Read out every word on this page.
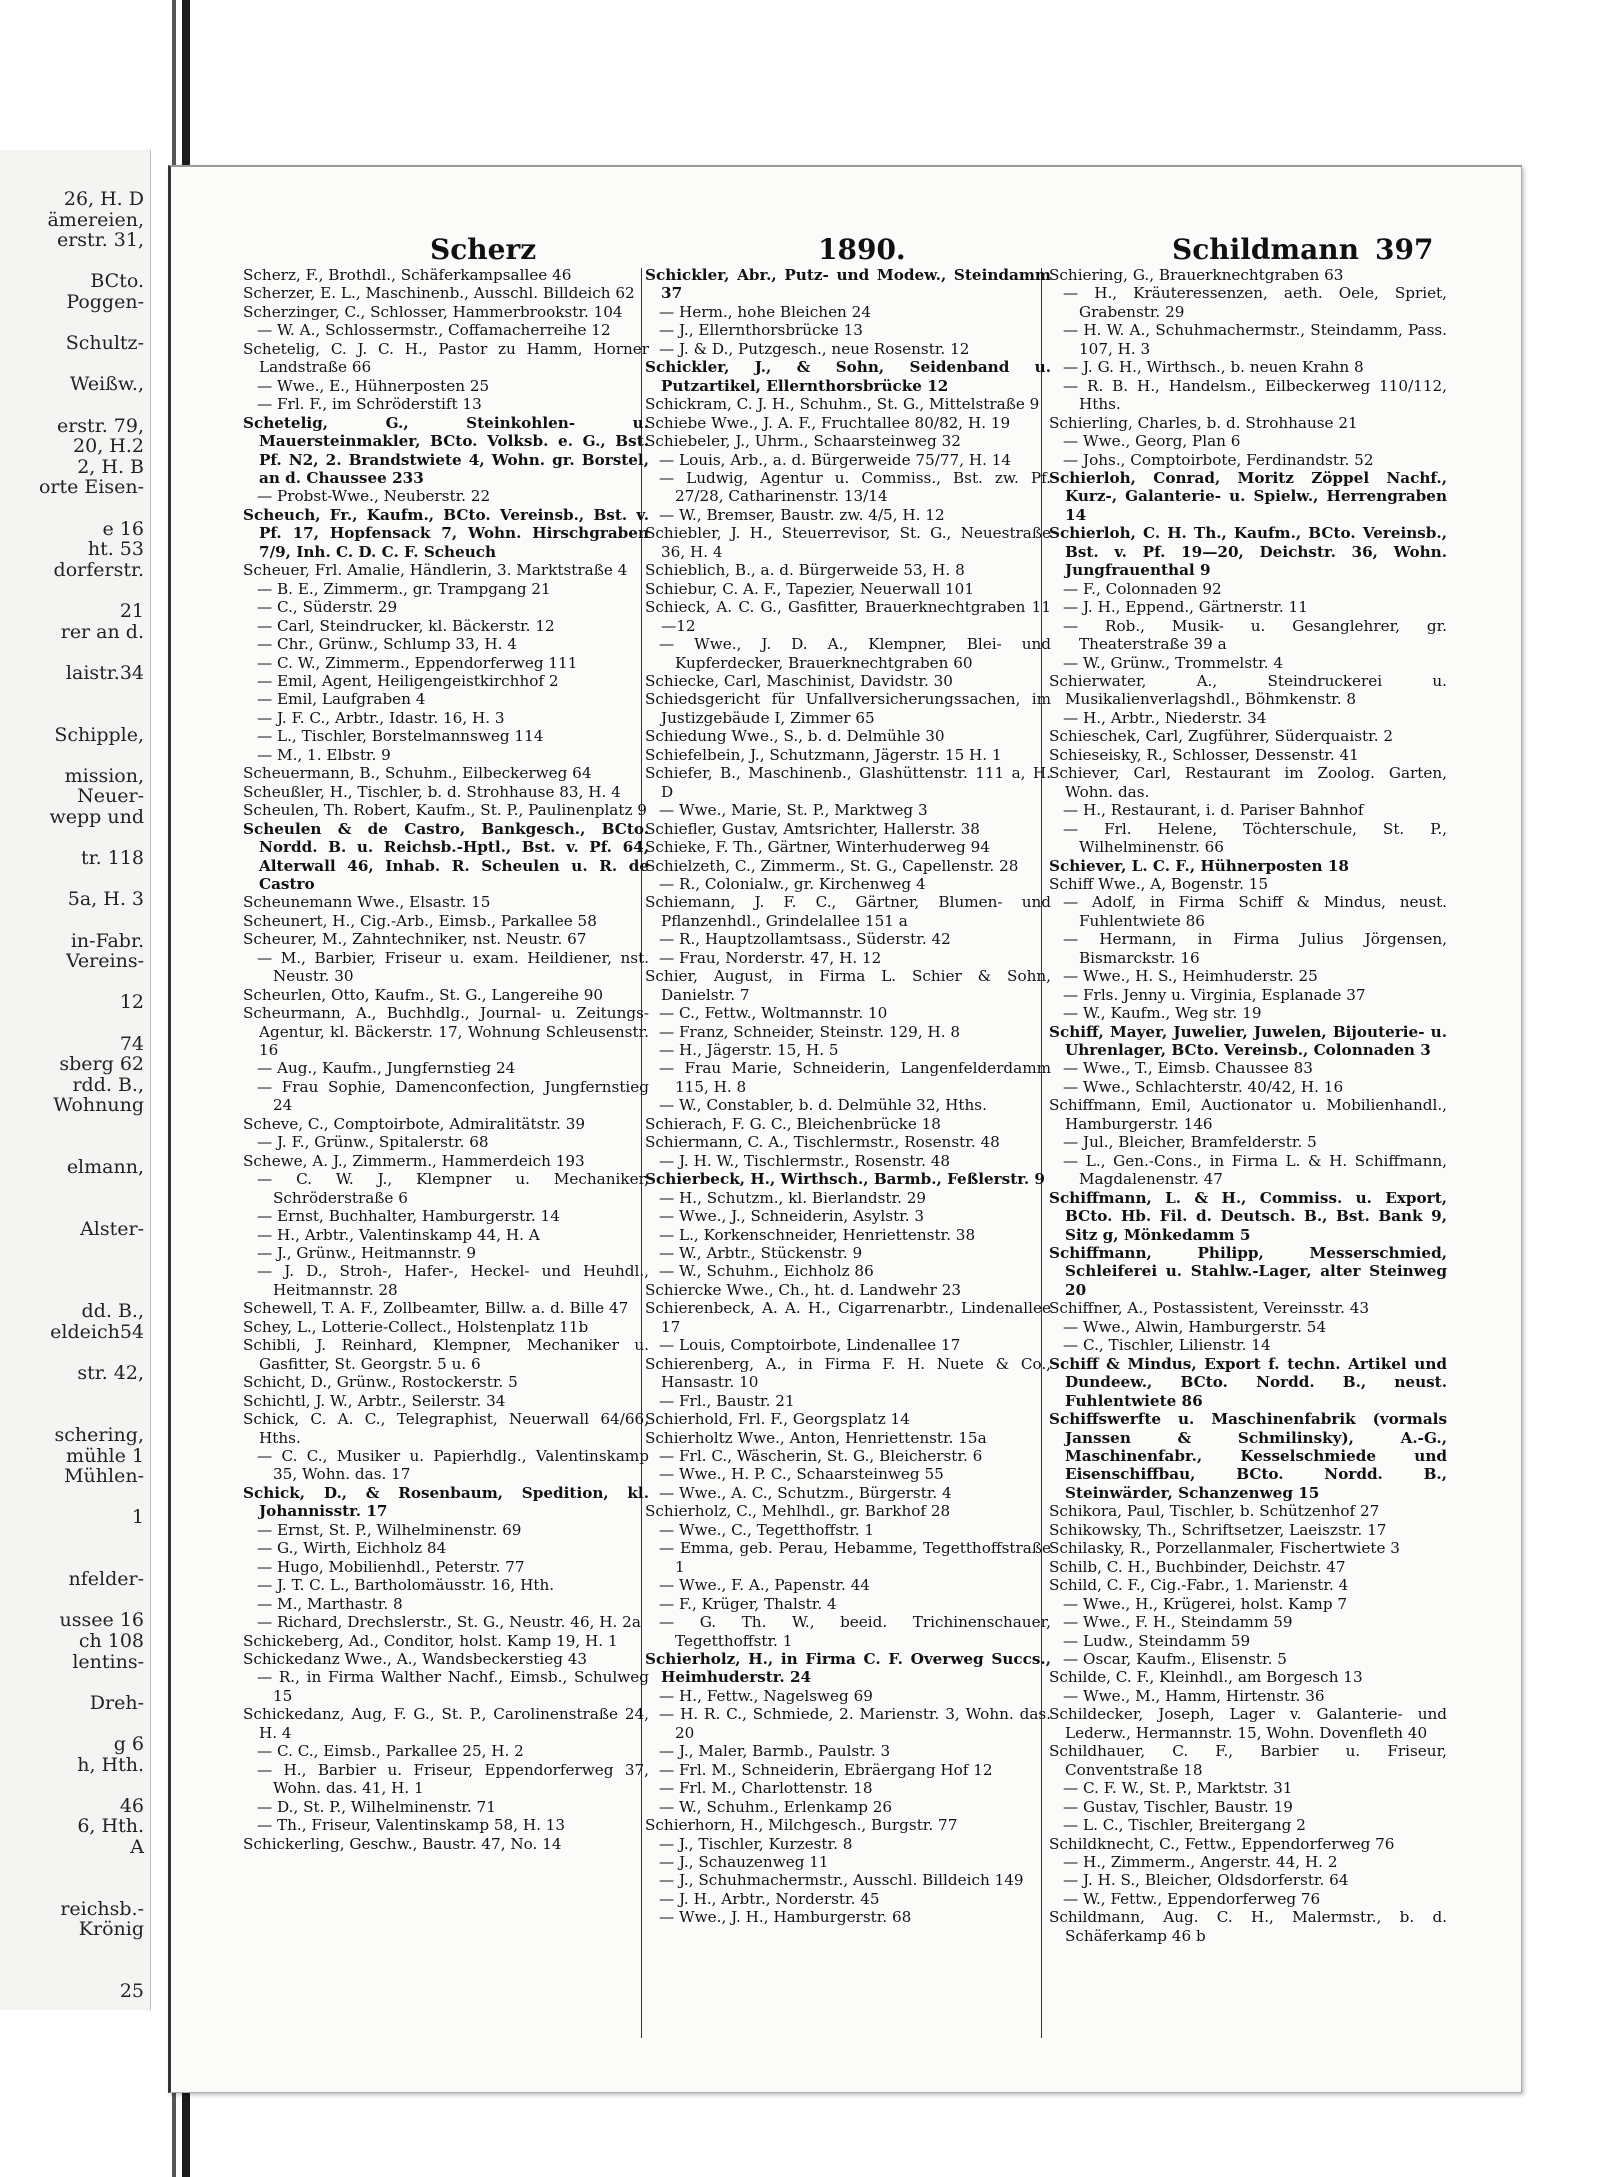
26, H. D
ämereien,
erstr. 31,
BCto.
Poggen-
Schultz-
Weißw.,
erstr. 79,
20, H.2
2, H. B
orte Eisen-
e 16
ht. 53
dorferstr.
21
rer an d.
laistr.34
Schipple,
mission,
Neuer-
wepp und
tr. 118
5a, H. 3
in-Fabr.
Vereins-
12
74
sberg 62
rdd. B.,
Wohnung
elmann,
Alster-
dd. B.,
eldeich54
str. 42,
schering,
mühle 1
Mühlen-
1
nfelder-
ussee 16
ch 108
lentins-
Dreh-
g 6
h, Hth.
46
6, Hth.
A
reichsb.-
Krönig
25
Scherz	1890.	Schildmann 397

Scherz, F., Brothdl., Schäferkampsallee 46

Scherzer, E. L., Maschinenb., Ausschl. Billdeich 62

Scherzinger, C., Schlosser, Hammerbrookstr. 104

— W. A., Schlossermstr., Coffamacherreihe 12

Schetelig, C. J. C. H., Pastor zu Hamm, Horner Landstraße 66

— Wwe., E., Hühnerposten 25

— Frl. F., im Schröderstift 13

Schetelig, G., Steinkohlen- u. Mauersteinmakler, BCto. Volksb. e. G., Bst. Pf. N2, 2. Brandstwiete 4, Wohn. gr. Borstel, an d. Chaussee 233

— Probst-Wwe., Neuberstr. 22

Scheuch, Fr., Kaufm., BCto. Vereinsb., Bst. v. Pf. 17, Hopfensack 7, Wohn. Hirschgraben 7/9, Inh. C. D. C. F. Scheuch

Scheuer, Frl. Amalie, Händlerin, 3. Marktstraße 4

— B. E., Zimmerm., gr. Trampgang 21

— C., Süderstr. 29

— Carl, Steindrucker, kl. Bäckerstr. 12

— Chr., Grünw., Schlump 33, H. 4

— C. W., Zimmerm., Eppendorferweg 111

— Emil, Agent, Heiligengeistkirchhof 2

— Emil, Laufgraben 4

— J. F. C., Arbtr., Idastr. 16, H. 3

— L., Tischler, Borstelmannsweg 114

— M., 1. Elbstr. 9

Scheuermann, B., Schuhm., Eilbeckerweg 64

Scheußler, H., Tischler, b. d. Strohhause 83, H. 4

Scheulen, Th. Robert, Kaufm., St. P., Paulinenplatz 9

Scheulen & de Castro, Bankgesch., BCto. Nordd. B. u. Reichsb.-Hptl., Bst. v. Pf. 64, Alterwall 46, Inhab. R. Scheulen u. R. de Castro

Scheunemann Wwe., Elsastr. 15

Scheunert, H., Cig.-Arb., Eimsb., Parkallee 58

Scheurer, M., Zahntechniker, nst. Neustr. 67

— M., Barbier, Friseur u. exam. Heildiener, nst. Neustr. 30

Scheurlen, Otto, Kaufm., St. G., Langereihe 90

Scheurmann, A., Buchhdlg., Journal- u. Zeitungs-Agentur, kl. Bäckerstr. 17, Wohnung Schleusenstr. 16

— Aug., Kaufm., Jungfernstieg 24

— Frau Sophie, Damenconfection, Jungfernstieg 24

Scheve, C., Comptoirbote, Admiralitätstr. 39

— J. F., Grünw., Spitalerstr. 68

Schewe, A. J., Zimmerm., Hammerdeich 193

— C. W. J., Klempner u. Mechaniker, Schröderstraße 6

— Ernst, Buchhalter, Hamburgerstr. 14

— H., Arbtr., Valentinskamp 44, H. A

— J., Grünw., Heitmannstr. 9

— J. D., Stroh-, Hafer-, Heckel- und Heuhdl., Heitmannstr. 28

Schewell, T. A. F., Zollbeamter, Billw. a. d. Bille 47

Schey, L., Lotterie-Collect., Holstenplatz 11b

Schibli, J. Reinhard, Klempner, Mechaniker u. Gasfitter, St. Georgstr. 5 u. 6

Schicht, D., Grünw., Rostockerstr. 5

Schichtl, J. W., Arbtr., Seilerstr. 34

Schick, C. A. C., Telegraphist, Neuerwall 64/66, Hths.

— C. C., Musiker u. Papierhdlg., Valentinskamp 35, Wohn. das. 17

Schick, D., & Rosenbaum, Spedition, kl. Johannisstr. 17

— Ernst, St. P., Wilhelminenstr. 69

— G., Wirth, Eichholz 84

— Hugo, Mobilienhdl., Peterstr. 77

— J. T. C. L., Bartholomäusstr. 16, Hth.

— M., Marthastr. 8

— Richard, Drechslerstr., St. G., Neustr. 46, H. 2a

Schickeberg, Ad., Conditor, holst. Kamp 19, H. 1

Schickedanz Wwe., A., Wandsbeckerstieg 43

— R., in Firma Walther Nachf., Eimsb., Schulweg 15

Schickedanz, Aug, F. G., St. P., Carolinenstraße 24, H. 4

— C. C., Eimsb., Parkallee 25, H. 2

— H., Barbier u. Friseur, Eppendorferweg 37, Wohn. das. 41, H. 1

— D., St. P., Wilhelminenstr. 71

— Th., Friseur, Valentinskamp 58, H. 13

Schickerling, Geschw., Baustr. 47, No. 14

Schickler, Abr., Putz- und Modew., Steindamm 37

— Herm., hohe Bleichen 24

— J., Ellernthorsbrücke 13

— J. & D., Putzgesch., neue Rosenstr. 12

Schickler, J., & Sohn, Seidenband u. Putzartikel, Ellernthorsbrücke 12

Schickram, C. J. H., Schuhm., St. G., Mittelstraße 9

Schiebe Wwe., J. A. F., Fruchtallee 80/82, H. 19

Schiebeler, J., Uhrm., Schaarsteinweg 32

— Louis, Arb., a. d. Bürgerweide 75/77, H. 14

— Ludwig, Agentur u. Commiss., Bst. zw. Pf. 27/28, Catharinenstr. 13/14

— W., Bremser, Baustr. zw. 4/5, H. 12

Schiebler, J. H., Steuerrevisor, St. G., Neuestraße 36, H. 4

Schieblich, B., a. d. Bürgerweide 53, H. 8

Schiebur, C. A. F., Tapezier, Neuerwall 101

Schieck, A. C. G., Gasfitter, Brauerknechtgraben 11—12

— Wwe., J. D. A., Klempner, Blei- und Kupferdecker, Brauerknechtgraben 60

Schiecke, Carl, Maschinist, Davidstr. 30

Schiedsgericht für Unfallversicherungssachen, im Justizgebäude I, Zimmer 65

Schiedung Wwe., S., b. d. Delmühle 30

Schiefelbein, J., Schutzmann, Jägerstr. 15 H. 1

Schiefer, B., Maschinenb., Glashüttenstr. 111 a, H. D

— Wwe., Marie, St. P., Marktweg 3

Schiefler, Gustav, Amtsrichter, Hallerstr. 38

Schieke, F. Th., Gärtner, Winterhuderweg 94

Schielzeth, C., Zimmerm., St. G., Capellenstr. 28

— R., Colonialw., gr. Kirchenweg 4

Schiemann, J. F. C., Gärtner, Blumen- und Pflanzenhdl., Grindelallee 151 a

— R., Hauptzollamtsass., Süderstr. 42

— Frau, Norderstr. 47, H. 12

Schier, August, in Firma L. Schier & Sohn, Danielstr. 7

— C., Fettw., Woltmannstr. 10

— Franz, Schneider, Steinstr. 129, H. 8

— H., Jägerstr. 15, H. 5

— Frau Marie, Schneiderin, Langenfelderdamm 115, H. 8

— W., Constabler, b. d. Delmühle 32, Hths.

Schierach, F. G. C., Bleichenbrücke 18

Schiermann, C. A., Tischlermstr., Rosenstr. 48

— J. H. W., Tischlermstr., Rosenstr. 48

Schierbeck, H., Wirthsch., Barmb., Feßlerstr. 9

— H., Schutzm., kl. Bierlandstr. 29

— Wwe., J., Schneiderin, Asylstr. 3

— L., Korkenschneider, Henriettenstr. 38

— W., Arbtr., Stückenstr. 9

— W., Schuhm., Eichholz 86

Schiercke Wwe., Ch., ht. d. Landwehr 23

Schierenbeck, A. A. H., Cigarrenarbtr., Lindenallee 17

— Louis, Comptoirbote, Lindenallee 17

Schierenberg, A., in Firma F. H. Nuete & Co., Hansastr. 10

— Frl., Baustr. 21

Schierhold, Frl. F., Georgsplatz 14

Schierholtz Wwe., Anton, Henriettenstr. 15a

— Frl. C., Wäscherin, St. G., Bleicherstr. 6

— Wwe., H. P. C., Schaarsteinweg 55

— Wwe., A. C., Schutzm., Bürgerstr. 4

Schierholz, C., Mehlhdl., gr. Barkhof 28

— Wwe., C., Tegetthoffstr. 1

— Emma, geb. Perau, Hebamme, Tegetthoffstraße 1

— Wwe., F. A., Papenstr. 44

— F., Krüger, Thalstr. 4

— G. Th. W., beeid. Trichinenschauer, Tegetthoffstr. 1

Schierholz, H., in Firma C. F. Overweg Succs., Heimhuderstr. 24

— H., Fettw., Nagelsweg 69

— H. R. C., Schmiede, 2. Marienstr. 3, Wohn. das. 20

— J., Maler, Barmb., Paulstr. 3

— Frl. M., Schneiderin, Ebräergang Hof 12

— Frl. M., Charlottenstr. 18

— W., Schuhm., Erlenkamp 26

Schierhorn, H., Milchgesch., Burgstr. 77

— J., Tischler, Kurzestr. 8

— J., Schauzenweg 11

— J., Schuhmachermstr., Ausschl. Billdeich 149

— J. H., Arbtr., Norderstr. 45

— Wwe., J. H., Hamburgerstr. 68

Schiering, G., Brauerknechtgraben 63

— H., Kräuteressenzen, aeth. Oele, Spriet, Grabenstr. 29

— H. W. A., Schuhmachermstr., Steindamm, Pass. 107, H. 3

— J. G. H., Wirthsch., b. neuen Krahn 8

— R. B. H., Handelsm., Eilbeckerweg 110/112, Hths.

Schierling, Charles, b. d. Strohhause 21

— Wwe., Georg, Plan 6

— Johs., Comptoirbote, Ferdinandstr. 52

Schierloh, Conrad, Moritz Zöppel Nachf., Kurz-, Galanterie- u. Spielw., Herrengraben 14

Schierloh, C. H. Th., Kaufm., BCto. Vereinsb., Bst. v. Pf. 19—20, Deichstr. 36, Wohn. Jungfrauenthal 9

— F., Colonnaden 92

— J. H., Eppend., Gärtnerstr. 11

— Rob., Musik- u. Gesanglehrer, gr. Theaterstraße 39 a

— W., Grünw., Trommelstr. 4

Schierwater, A., Steindruckerei u. Musikalienverlagshdl., Böhmkenstr. 8

— H., Arbtr., Niederstr. 34

Schieschek, Carl, Zugführer, Süderquaistr. 2

Schieseisky, R., Schlosser, Dessenstr. 41

Schiever, Carl, Restaurant im Zoolog. Garten, Wohn. das.

— H., Restaurant, i. d. Pariser Bahnhof

— Frl. Helene, Töchterschule, St. P., Wilhelminenstr. 66

Schiever, L. C. F., Hühnerposten 18

Schiff Wwe., A, Bogenstr. 15

— Adolf, in Firma Schiff & Mindus, neust. Fuhlentwiete 86

— Hermann, in Firma Julius Jörgensen, Bismarckstr. 16

— Wwe., H. S., Heimhuderstr. 25

— Frls. Jenny u. Virginia, Esplanade 37

— W., Kaufm., Weg str. 19

Schiff, Mayer, Juwelier, Juwelen, Bijouterie- u. Uhrenlager, BCto. Vereinsb., Colonnaden 3

— Wwe., T., Eimsb. Chaussee 83

— Wwe., Schlachterstr. 40/42, H. 16

Schiffmann, Emil, Auctionator u. Mobilienhandl., Hamburgerstr. 146

— Jul., Bleicher, Bramfelderstr. 5

— L., Gen.-Cons., in Firma L. & H. Schiffmann, Magdalenenstr. 47

Schiffmann, L. & H., Commiss. u. Export, BCto. Hb. Fil. d. Deutsch. B., Bst. Bank 9, Sitz g, Mönkedamm 5

Schiffmann, Philipp, Messerschmied, Schleiferei u. Stahlw.-Lager, alter Steinweg 20

Schiffner, A., Postassistent, Vereinsstr. 43

— Wwe., Alwin, Hamburgerstr. 54

— C., Tischler, Lilienstr. 14

Schiff & Mindus, Export f. techn. Artikel und Dundeew., BCto. Nordd. B., neust. Fuhlentwiete 86

Schiffswerfte u. Maschinenfabrik (vormals Janssen & Schmilinsky), A.-G., Maschinenfabr., Kesselschmiede und Eisenschiffbau, BCto. Nordd. B., Steinwärder, Schanzenweg 15

Schikora, Paul, Tischler, b. Schützenhof 27

Schikowsky, Th., Schriftsetzer, Laeiszstr. 17

Schilasky, R., Porzellanmaler, Fischertwiete 3

Schilb, C. H., Buchbinder, Deichstr. 47

Schild, C. F., Cig.-Fabr., 1. Marienstr. 4

— Wwe., H., Krügerei, holst. Kamp 7

— Wwe., F. H., Steindamm 59

— Ludw., Steindamm 59

— Oscar, Kaufm., Elisenstr. 5

Schilde, C. F., Kleinhdl., am Borgesch 13

— Wwe., M., Hamm, Hirtenstr. 36

Schildecker, Joseph, Lager v. Galanterie- und Lederw., Hermannstr. 15, Wohn. Dovenfleth 40

Schildhauer, C. F., Barbier u. Friseur, Conventstraße 18

— C. F. W., St. P., Marktstr. 31

— Gustav, Tischler, Baustr. 19

— L. C., Tischler, Breitergang 2

Schildknecht, C., Fettw., Eppendorferweg 76

— H., Zimmerm., Angerstr. 44, H. 2

— J. H. S., Bleicher, Oldsdorferstr. 64

— W., Fettw., Eppendorferweg 76

Schildmann, Aug. C. H., Malermstr., b. d. Schäferkamp 46 b
